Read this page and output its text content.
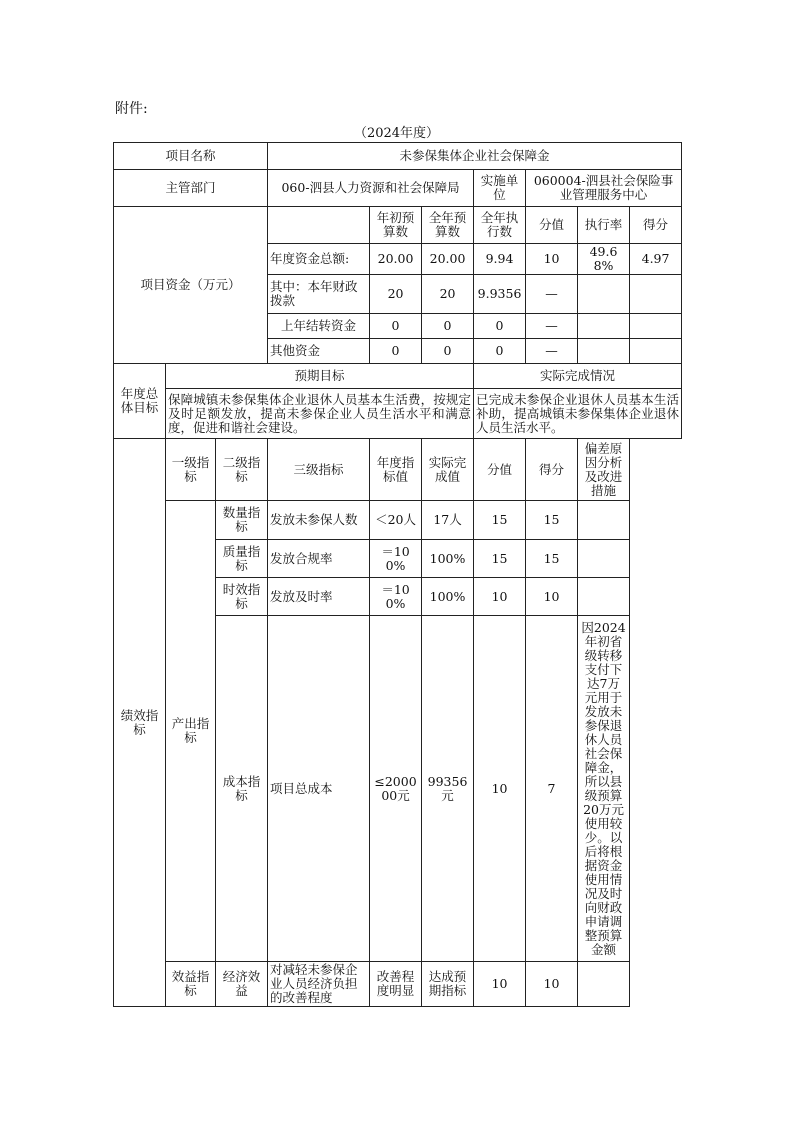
附件:
（2024年度）
项目名称			未参保集体企业社会保障金						
主管部门			060-泗县人力资源和社会保障局			实施单位	060004-泗县社会保险事业管理服务中心		
项目资金（万元）				年初预算数	全年预算数	全年执行数	分值	执行率	得分
			年度资金总额:	20.00	20.00	9.94	10	49.68%	4.97
			其中：本年财政拨款	20	20	9.9356	—		
			上年结转资金	0	0	0	—		
			其他资金	0	0	0	—		
年度总体目标	预期目标					实际完成情况			
	保障城镇未参保集体企业退休人员基本生活费，按规定及时足额发放，提高未参保企业人员生活水平和满意度，促进和谐社会建设。					已完成未参保企业退休人员基本生活补助，提高城镇未参保集体企业退休人员生活水平。			
绩效指标	一级指标	二级指标	三级指标	年度指标值	实际完成值	分值	得分	偏差原因分析及改进措施	
	产出指标	数量指标	发放未参保人数	＜20人	17人	15	15		
		质量指标	发放合规率	＝100%	100%	15	15		
		时效指标	发放及时率	＝100%	100%	10	10		
		成本指标	项目总成本	≤200000元	99356元	10	7	因2024年初省级转移支付下达7万元用于发放未参保退休人员社会保障金，所以县级预算20万元使用较少。以后将根据资金使用情况及时向财政申请调整预算金额	
	效益指标	经济效益	对减轻未参保企业人员经济负担的改善程度	改善程度明显	达成预期指标	10	10		
